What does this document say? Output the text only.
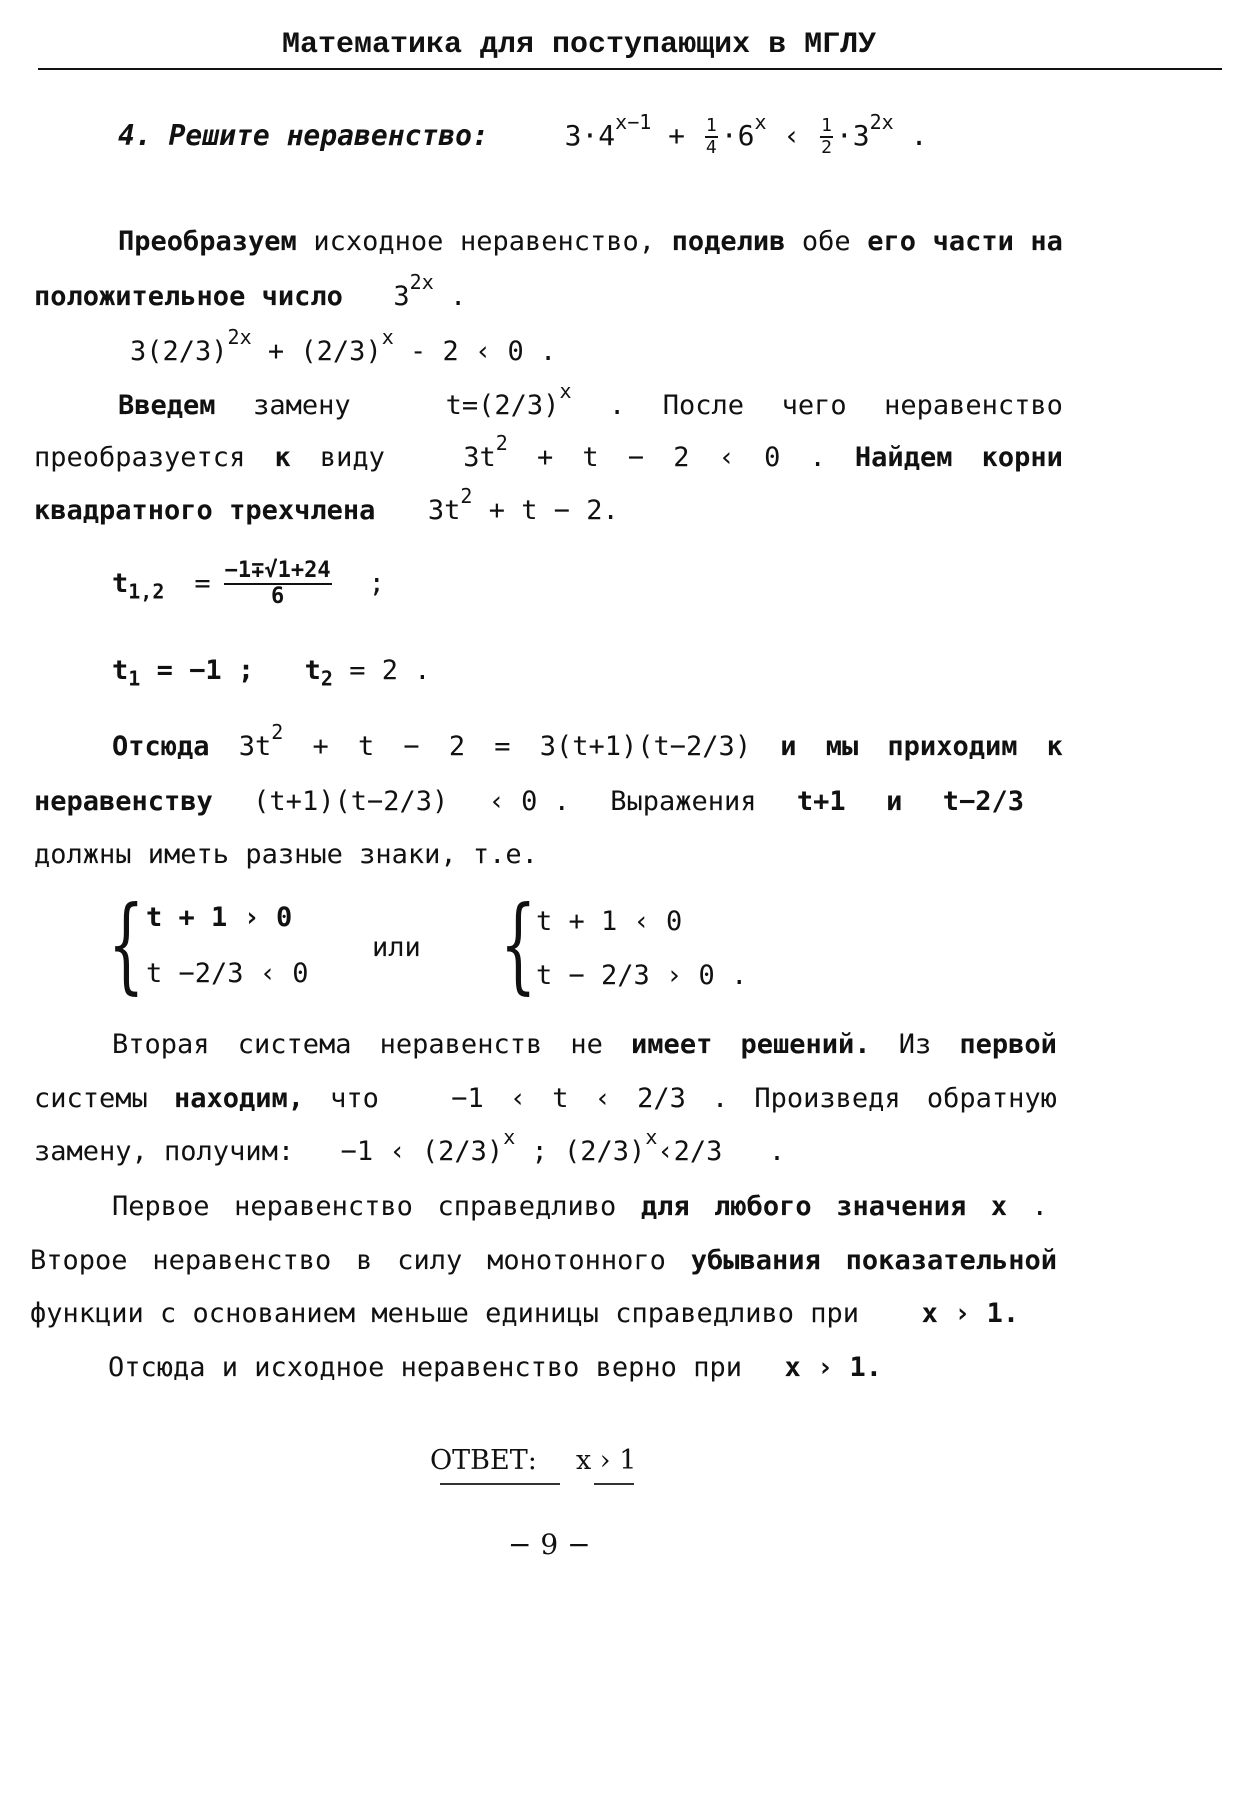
Математика для поступающих в МГЛУ
4. Решите неравенство:	$3\cdot 4^{x-1} + \frac{1}{4} \cdot 6^x$ ‹ $\frac{1}{2} \cdot 3^{2x}$ .
Преобразуем исходное неравенство, поделив обе его части на
положительное число $3^{2x}$ .
$3(2/3)^{2x} + (2/3)^x - 2$ ‹ 0 .
Введем замену	$t=(2/3)^x$ . После чего неравенство
преобразуется к виду	$3t^2 + t - 2$ ‹ 0 . Найдем корни
квадратного трехчлена $3t^2 + t - 2$.
$t_{1,2} = \frac{-1\mp√1+24}{6}$ ;
$t_1 = -1$ ; $t_2 = 2$ .
Отсюда $3t^2 + t - 2 = 3(t+1)(t-2/3)$ и мы приходим к
неравенству (t+1)(t−2/3) ‹ 0 . Выражения t+1 и t−2/3
должны иметь разные знаки, т.е.
{ t + 1 › 0
t −2/3 ‹ 0
или { t + 1 ‹ 0
t − 2/3 › 0 .
Вторая система неравенств не имеет решений. Из первой
системы находим, что	−1 ‹ t ‹ 2/3 . Произведя обратную
замену, получим: −1 ‹ $(2/3)^x$ ; $(2/3)^x‹2/3$ .
Первое неравенство справедливо для любого значения x .
Второе неравенство в силу монотонного убывания показательной
функции с основанием меньше единицы справедливо при x › 1.
Отсюда и исходное неравенство верно при x › 1.
ОТВЕТ: x › 1
− 9 −
